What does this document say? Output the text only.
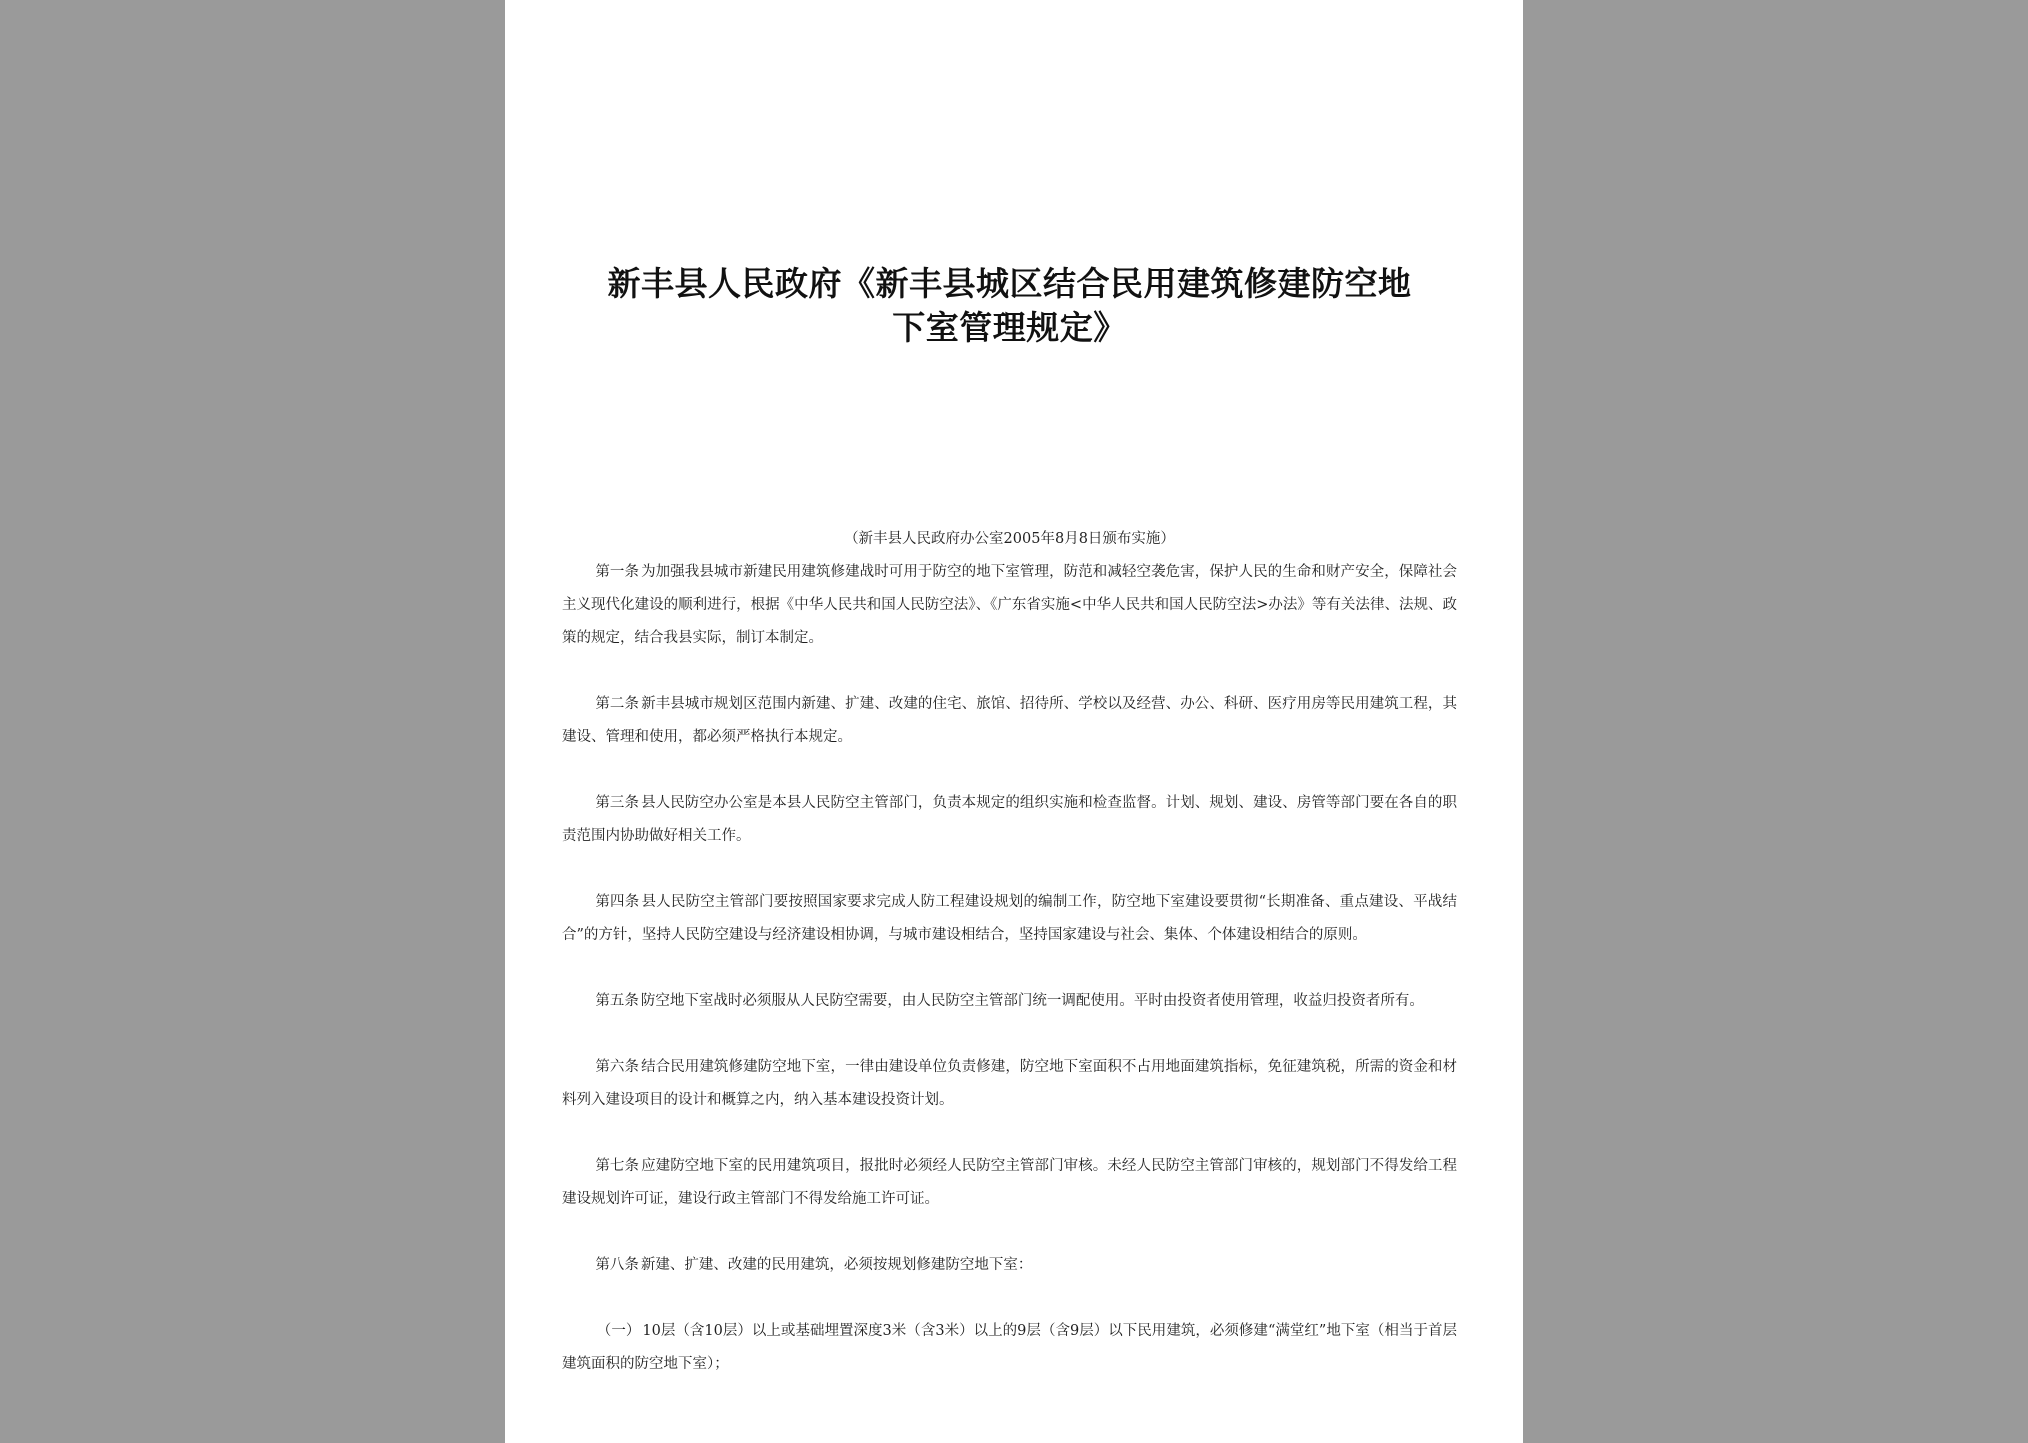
新丰县人民政府《新丰县城区结合民用建筑修建防空地
下室管理规定》
（新丰县人民政府办公室2005年8月8日颁布实施）

第一条 为加强我县城市新建民用建筑修建战时可用于防空的地下室管理，防范和减轻空袭危害，保护人民的生命和财产安全，保障社会主义现代化建设的顺利进行，根据《中华人民共和国人民防空法》、《广东省实施<中华人民共和国人民防空法>办法》等有关法律、法规、政策的规定，结合我县实际，制订本制定。

第二条 新丰县城市规划区范围内新建、扩建、改建的住宅、旅馆、招待所、学校以及经营、办公、科研、医疗用房等民用建筑工程，其建设、管理和使用，都必须严格执行本规定。

第三条 县人民防空办公室是本县人民防空主管部门，负责本规定的组织实施和检查监督。计划、规划、建设、房管等部门要在各自的职责范围内协助做好相关工作。

第四条 县人民防空主管部门要按照国家要求完成人防工程建设规划的编制工作，防空地下室建设要贯彻“长期准备、重点建设、平战结合”的方针，坚持人民防空建设与经济建设相协调，与城市建设相结合，坚持国家建设与社会、集体、个体建设相结合的原则。

第五条 防空地下室战时必须服从人民防空需要，由人民防空主管部门统一调配使用。平时由投资者使用管理，收益归投资者所有。

第六条 结合民用建筑修建防空地下室，一律由建设单位负责修建，防空地下室面积不占用地面建筑指标，免征建筑税，所需的资金和材料列入建设项目的设计和概算之内，纳入基本建设投资计划。

第七条 应建防空地下室的民用建筑项目，报批时必须经人民防空主管部门审核。未经人民防空主管部门审核的，规划部门不得发给工程建设规划许可证，建设行政主管部门不得发给施工许可证。

第八条 新建、扩建、改建的民用建筑，必须按规划修建防空地下室：

（一） 10层（含10层）以上或基础埋置深度3米（含3米）以上的9层（含9层）以下民用建筑，必须修建“满堂红”地下室（相当于首层建筑面积的防空地下室）；
